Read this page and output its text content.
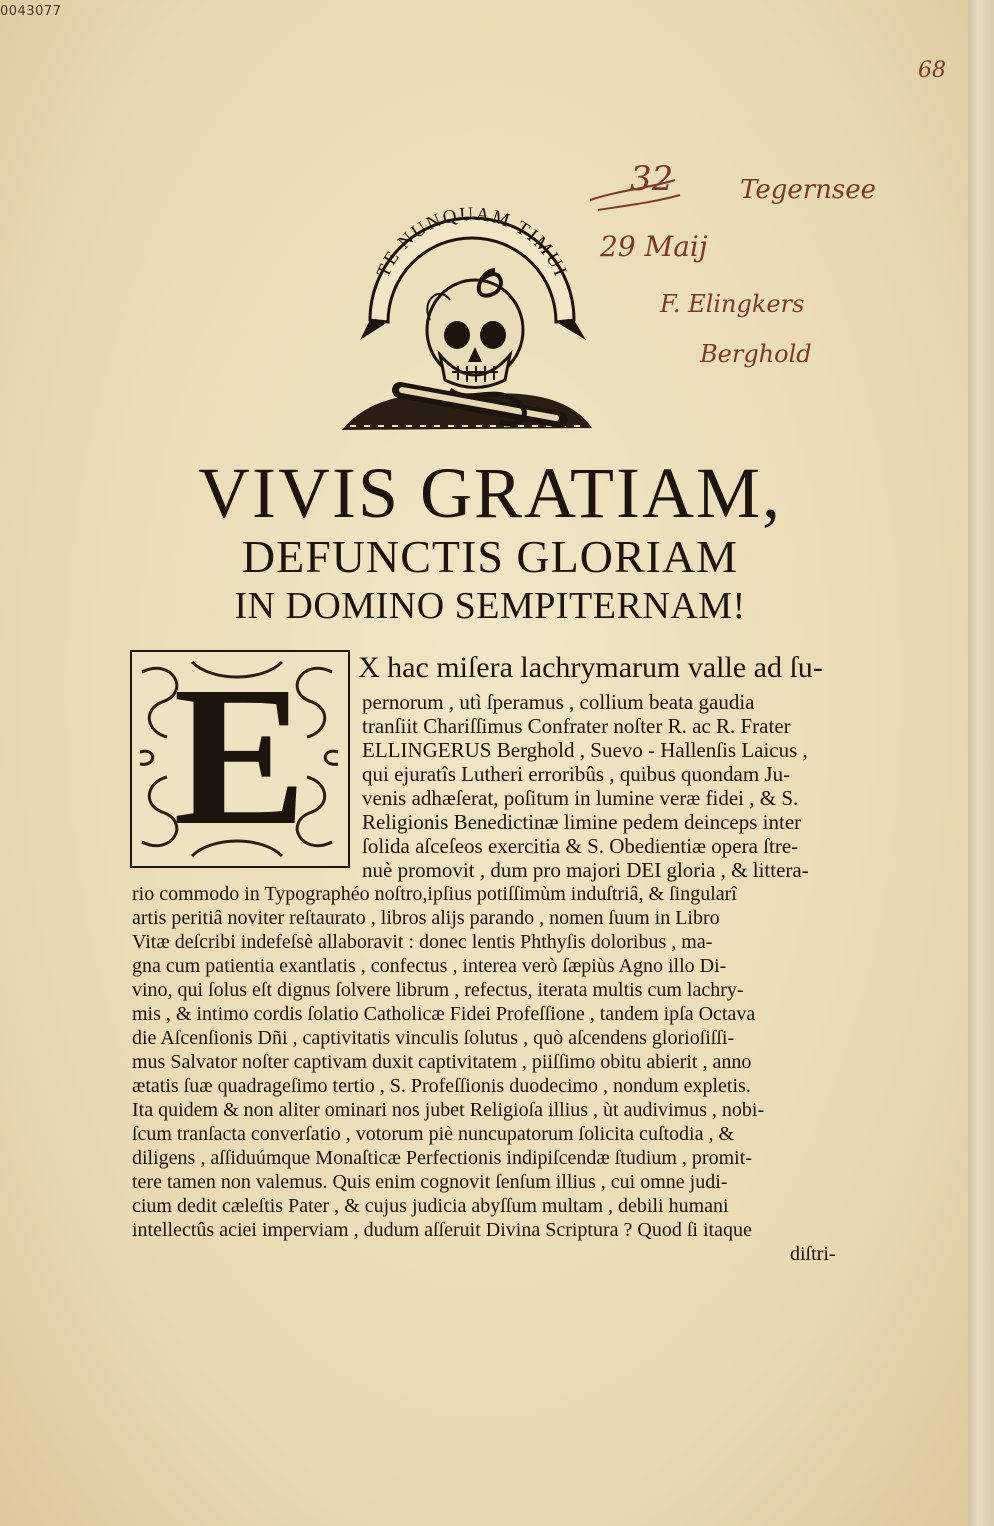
0043077
68
TE NUNQUAM TIMUI
32	Tegernsee
29 Maij
F. Elingkers
Berghold
VIVIS GRATIAM,
DEFUNCTIS GLORIAM
IN DOMINO SEMPITERNAM!
E	X hac miſera lachrymarum valle ad ſu-
pernorum , utì ſperamus , collium beata gaudia
tranſiit Chariſſimus Confrater noſter R. ac R. Frater
ELLINGERUS Berghold , Suevo - Hallenſis Laicus ,
qui ejuratîs Lutheri erroribûs , quibus quondam Ju-
venis adhæſerat, poſitum in lumine veræ fidei , & S.
Religionis Benedictinæ limine pedem deinceps inter
ſolida aſceſeos exercitia & S. Obedientiæ opera ſtre-
nuè promovit , dum pro majori DEI gloria , & littera-
rio commodo in Typographéo noſtro,ipſius potiſſimùm induſtriâ, & ſingularî
artis peritiâ noviter reſtaurato , libros alijs parando , nomen ſuum in Libro
Vitæ deſcribi indefeſsè allaboravit : donec lentis Phthyſis doloribus , ma-
gna cum patientia exantlatis , confectus , interea verò ſæpiùs Agno illo Di-
vino, qui ſolus eſt dignus ſolvere librum , refectus, iterata multis cum lachry-
mis , & intimo cordis ſolatio Catholicæ Fidei Profeſſione , tandem ipſa Octava
die Aſcenſionis Dñi , captivitatis vinculis ſolutus , quò aſcendens glorioſiſſi-
mus Salvator noſter captivam duxit captivitatem , piiſſimo obitu abierit , anno
ætatis ſuæ quadrageſimo tertio , S. Profeſſionis duodecimo , nondum expletis.
Ita quidem & non aliter ominari nos jubet Religioſa illius , ùt audivimus , nobi-
ſcum tranſacta converſatio , votorum piè nuncupatorum ſolicita cuſtodia , &
diligens , aſſiduúmque Monaſticæ Perfectionis indipiſcendæ ſtudium , promit-
tere tamen non valemus. Quis enim cognovit ſenſum illius , cui omne judi-
cium dedit cæleſtis Pater , & cujus judicia abyſſum multam , debili humani
intellectûs aciei imperviam , dudum aſſeruit Divina Scriptura ? Quod ſi itaque
diſtri-
